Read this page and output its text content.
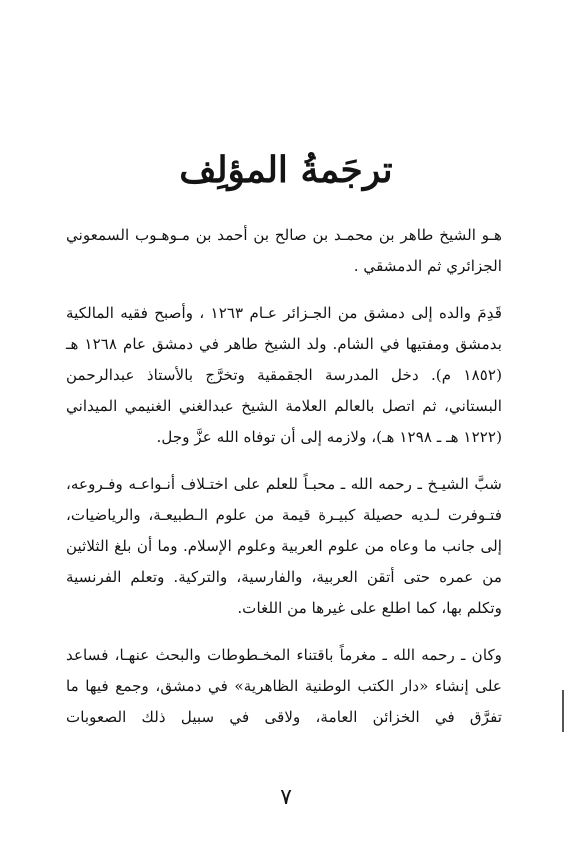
ترجَمةُ المؤلِف

هـو الشيخ طاهر بن محمـد بن صالح بن أحمد بن مـوهـوب السمعوني الجزائري ثم الدمشقي .

قَدِمَ والده إلى دمشق من الجـزائر عـام ١٢٦٣ ، وأصبح فقيه المالكية بدمشق ومفتيها في الشام. ولد الشيخ طاهر في دمشق عام ١٢٦٨ هـ (١٨٥٢ م). دخل المدرسة الجقمقية وتخرَّج بالأستاذ عبدالرحمن البستاني، ثم اتصل بالعالم العلامة الشيخ عبدالغني الغنيمي الميداني (١٢٢٢ هـ ـ ١٢٩٨ هـ)، ولازمه إلى أن توفاه الله عزَّ وجل.

شبَّ الشيـخ ـ رحمه الله ـ محبـاً للعلم على اختـلاف أنـواعـه وفـروعه، فتـوفرت لـديه حصيلة كبيـرة قيمة من علوم الـطبيعـة، والرياضيات، إلى جانب ما وعاه من علوم العربية وعلوم الإسلام. وما أن بلغ الثلاثين من عمره حتى أتقن العربية، والفارسية، والتركية. وتعلم الفرنسية وتكلم بها، كما اطلع على غيرها من اللغات.

وكان ـ رحمه الله ـ مغرماً باقتناء المخـطوطات والبحث عنهـا، فساعد على إنشاء «دار الكتب الوطنية الظاهرية» في دمشق، وجمع فيها ما تفرَّق في الخزائن العامة، ولاقى في سبيل ذلك الصعوبات

٧
